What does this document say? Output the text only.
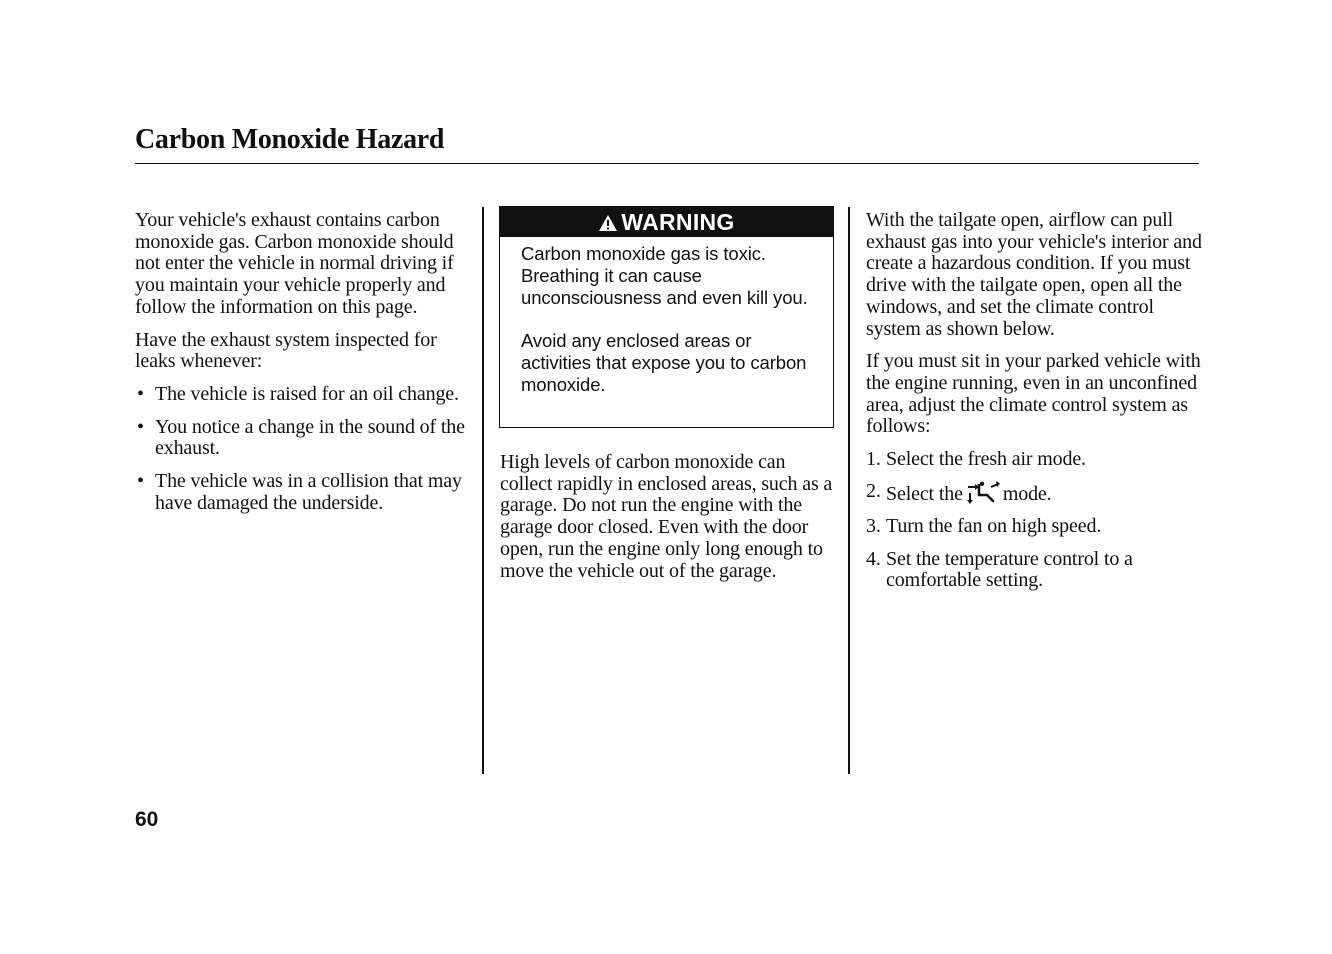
Carbon Monoxide Hazard

Your vehicle's exhaust contains carbon monoxide gas. Carbon monoxide should not enter the vehicle in normal driving if you maintain your vehicle properly and follow the information on this page.

Have the exhaust system inspected for leaks whenever:

• The vehicle is raised for an oil change.
• You notice a change in the sound of the exhaust.
• The vehicle was in a collision that may have damaged the underside.
WARNING

Carbon monoxide gas is toxic. Breathing it can cause unconsciousness and even kill you.

Avoid any enclosed areas or activities that expose you to carbon monoxide.

High levels of carbon monoxide can collect rapidly in enclosed areas, such as a garage. Do not run the engine with the garage door closed. Even with the door open, run the engine only long enough to move the vehicle out of the garage.

With the tailgate open, airflow can pull exhaust gas into your vehicle's interior and create a hazardous condition. If you must drive with the tailgate open, open all the windows, and set the climate control system as shown below.

If you must sit in your parked vehicle with the engine running, even in an unconfined area, adjust the climate control system as follows:

1. Select the fresh air mode.
2. Select the mode.
3. Turn the fan on high speed.
4. Set the temperature control to a comfortable setting.

60
